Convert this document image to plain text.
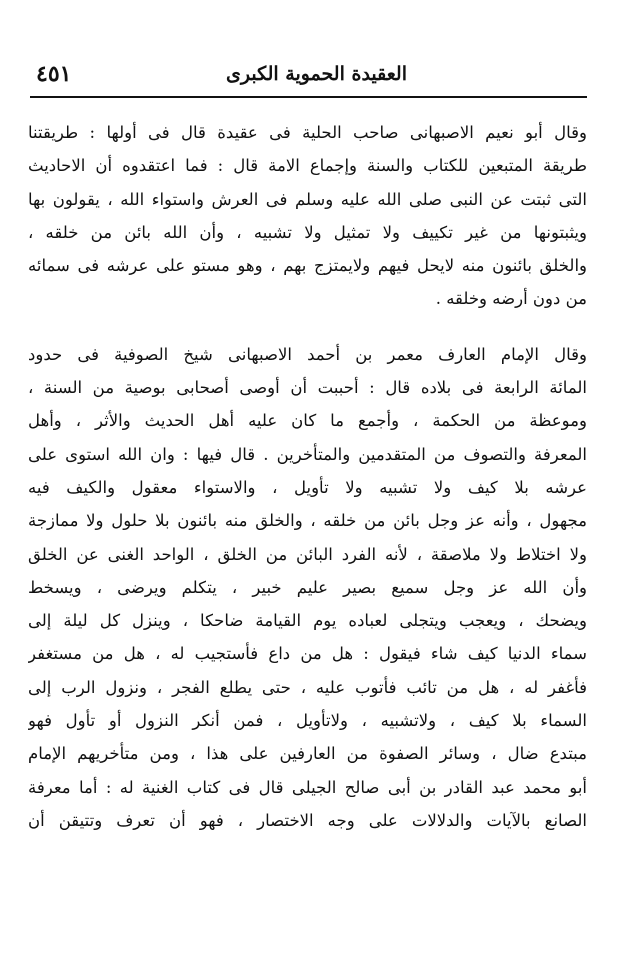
العقيدة الحموية الكبرى
٤٥١

وقال أبو نعيم الاصبهانى صاحب الحلية فى عقيدة قال فى أولها : طريقتنا
طريقة المتبعين للكتاب والسنة وإجماع الامة قال : فما اعتقدوه أن الاحاديث
التى ثبتت عن النبى صلى الله عليه وسلم فى العرش واستواء الله ، يقولون بها
ويثبتونها من غير تكييف ولا تمثيل ولا تشبيه ، وأن الله بائن من خلقه ،
والخلق بائنون منه لايحل فيهم ولايمتزج بهم ، وهو مستو على عرشه فى سمائه
من دون أرضه وخلقه .

وقال الإمام العارف معمر بن أحمد الاصبهانى شيخ الصوفية فى حدود
المائة الرابعة فى بلاده قال : أحببت أن أوصى أصحابى بوصية من السنة ،
وموعظة من الحكمة ، وأجمع ما كان عليه أهل الحديث والأثر ، وأهل
المعرفة والتصوف من المتقدمين والمتأخرين . قال فيها : وان الله استوى على
عرشه بلا كيف ولا تشبيه ولا تأويل ، والاستواء معقول والكيف فيه
مجهول ، وأنه عز وجل بائن من خلقه ، والخلق منه بائنون بلا حلول ولا ممازجة
ولا اختلاط ولا ملاصقة ، لأنه الفرد البائن من الخلق ، الواحد الغنى عن الخلق
وأن الله عز وجل سميع بصير عليم خبير ، يتكلم ويرضى ، ويسخط
ويضحك ، ويعجب ويتجلى لعباده يوم القيامة ضاحكا ، وينزل كل ليلة إلى
سماء الدنيا كيف شاء فيقول : هل من داع فأستجيب له ، هل من مستغفر
فأغفر له ، هل من تائب فأتوب عليه ، حتى يطلع الفجر ، ونزول الرب إلى
السماء بلا كيف ، ولاتشبيه ، ولاتأويل ، فمن أنكر النزول أو تأول فهو
مبتدع ضال ، وسائر الصفوة من العارفين على هذا ، ومن متأخريهم الإمام
أبو محمد عبد القادر بن أبى صالح الجيلى قال فى كتاب الغنية له : أما معرفة
الصانع بالآيات والدلالات على وجه الاختصار ، فهو أن تعرف وتتيقن أن
